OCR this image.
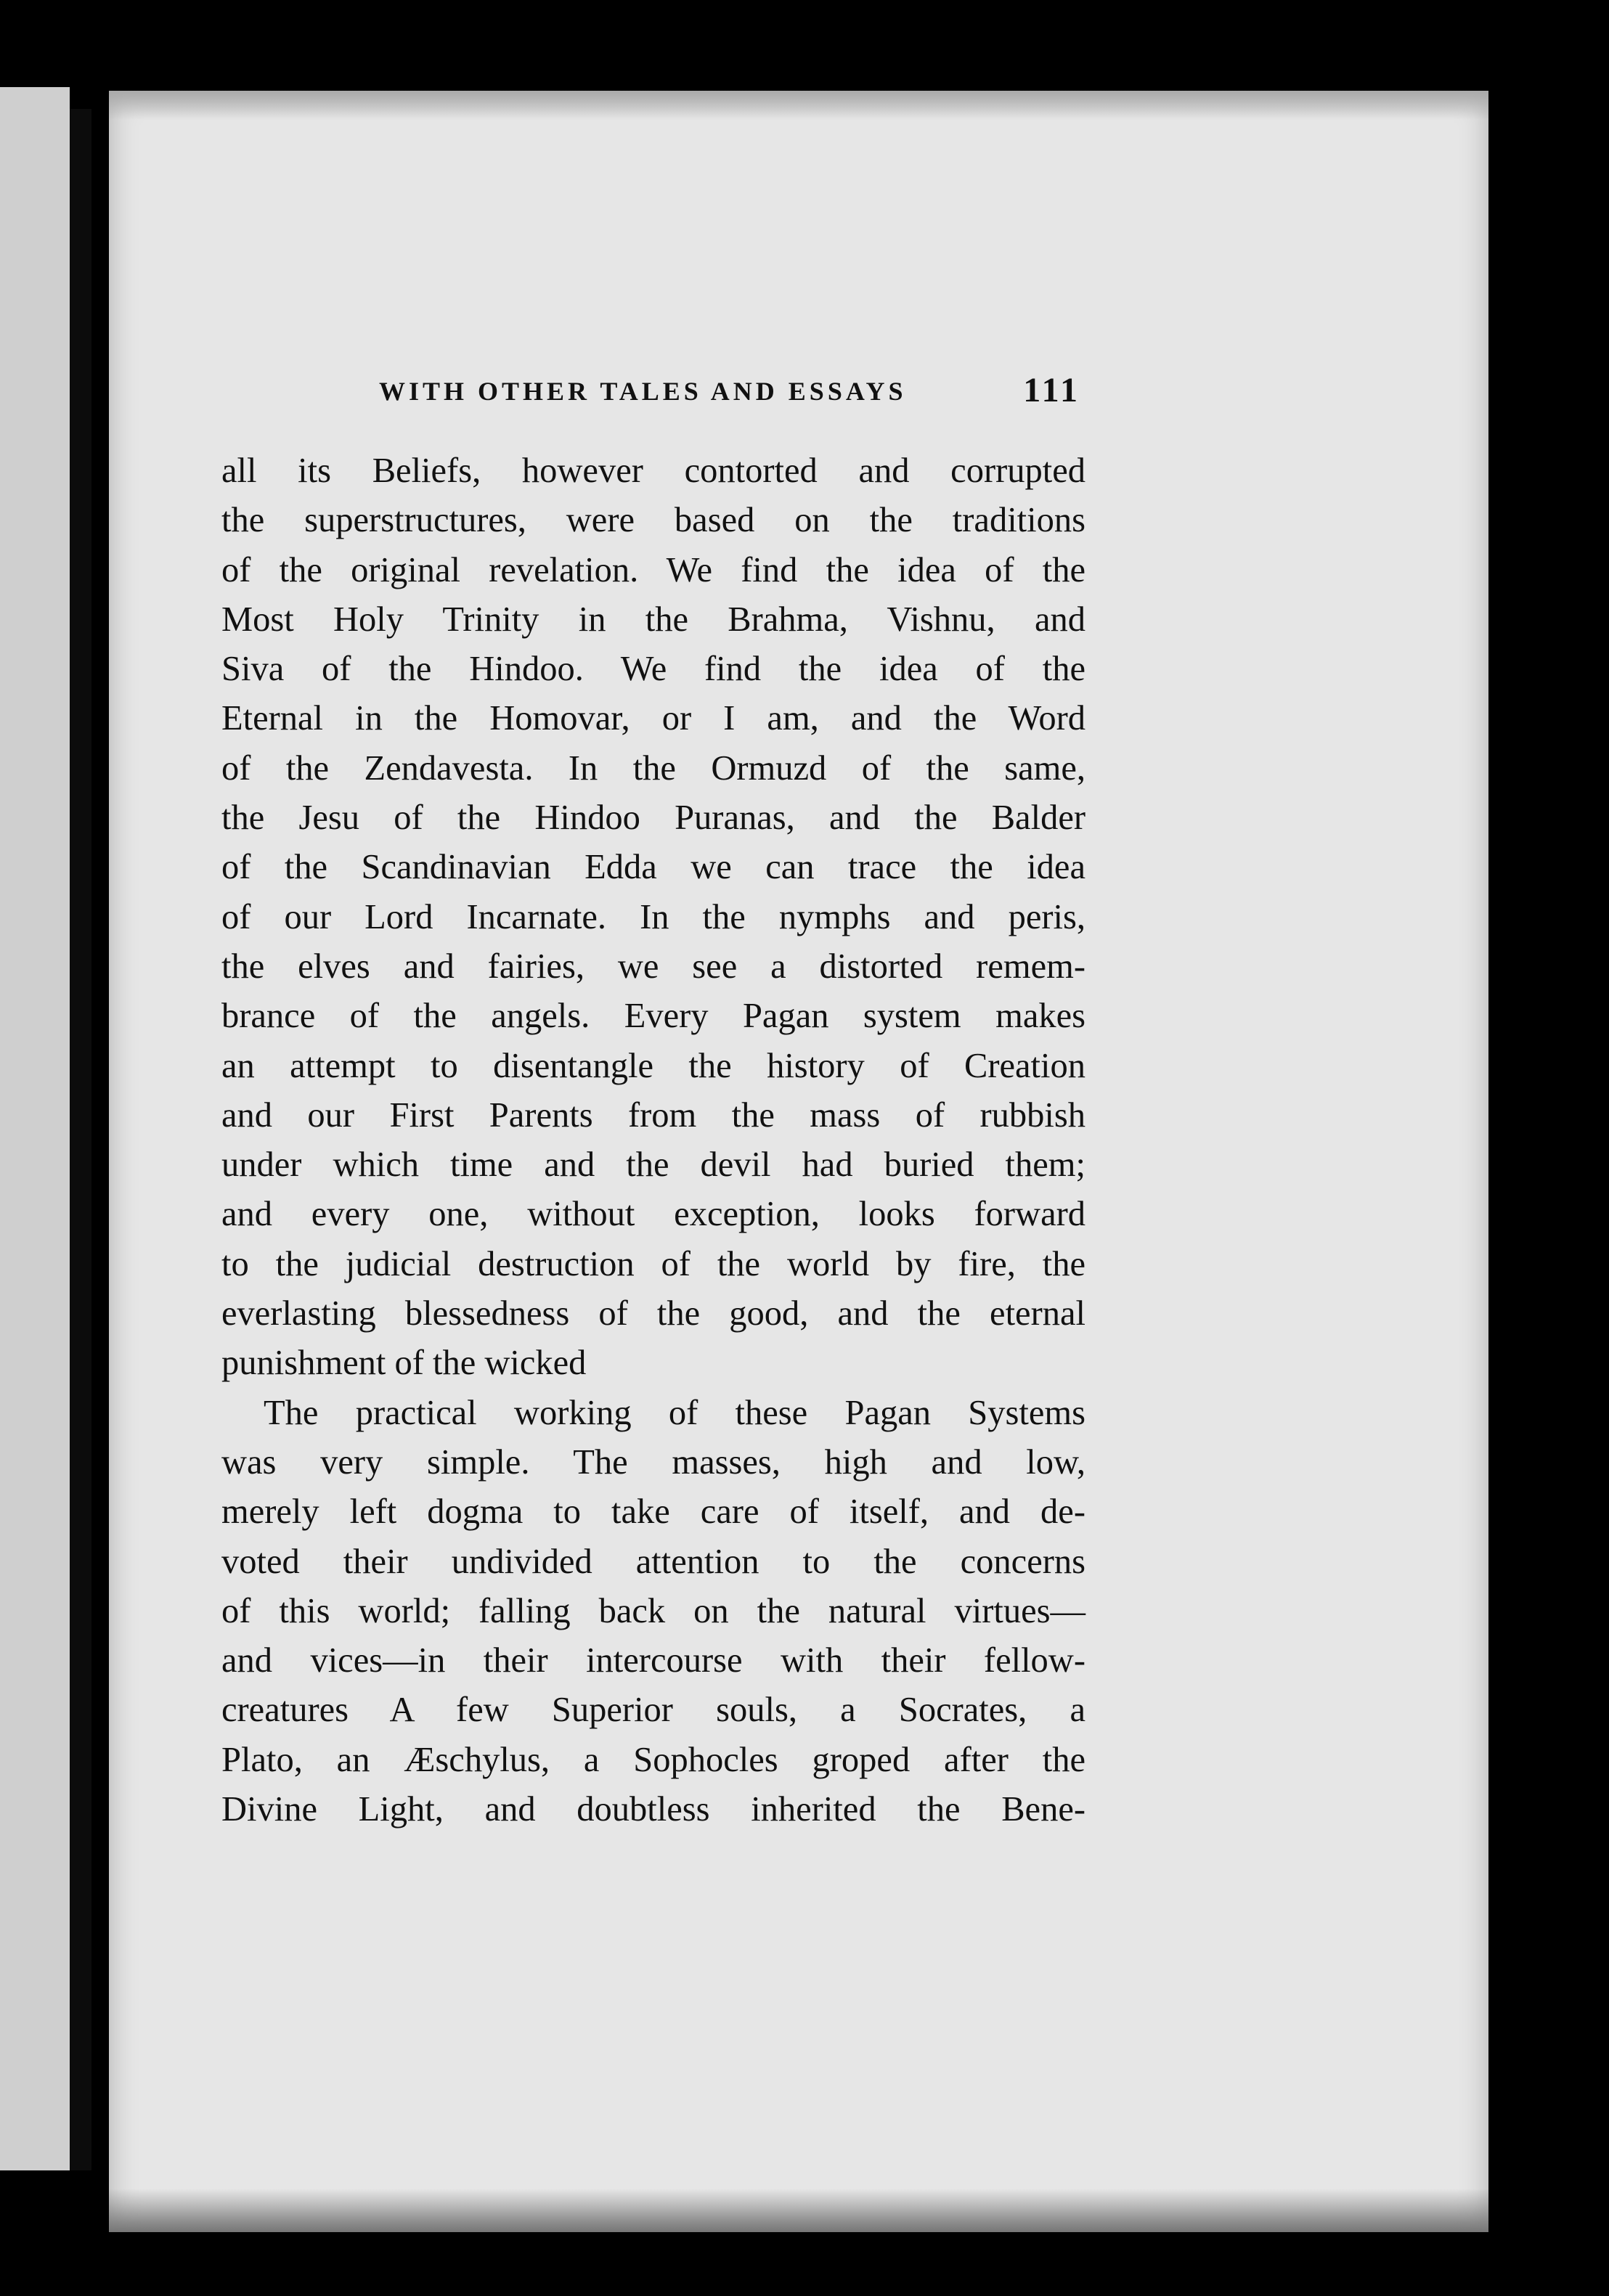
WITH OTHER TALES AND ESSAYS	111

all its Beliefs, however contorted and corrupted
the superstructures, were based on the traditions
of the original revelation. We find the idea of the
Most Holy Trinity in the Brahma, Vishnu, and
Siva of the Hindoo. We find the idea of the
Eternal in the Homovar, or I am, and the Word
of the Zendavesta. In the Ormuzd of the same,
the Jesu of the Hindoo Puranas, and the Balder
of the Scandinavian Edda we can trace the idea
of our Lord Incarnate. In the nymphs and peris,
the elves and fairies, we see a distorted remem-
brance of the angels. Every Pagan system makes
an attempt to disentangle the history of Creation
and our First Parents from the mass of rubbish
under which time and the devil had buried them;
and every one, without exception, looks forward
to the judicial destruction of the world by fire, the
everlasting blessedness of the good, and the eternal
punishment of the wicked

The practical working of these Pagan Systems
was very simple. The masses, high and low,
merely left dogma to take care of itself, and de-
voted their undivided attention to the concerns
of this world; falling back on the natural virtues—
and vices—in their intercourse with their fellow-
creatures A few Superior souls, a Socrates, a
Plato, an Æschylus, a Sophocles groped after the
Divine Light, and doubtless inherited the Bene-
